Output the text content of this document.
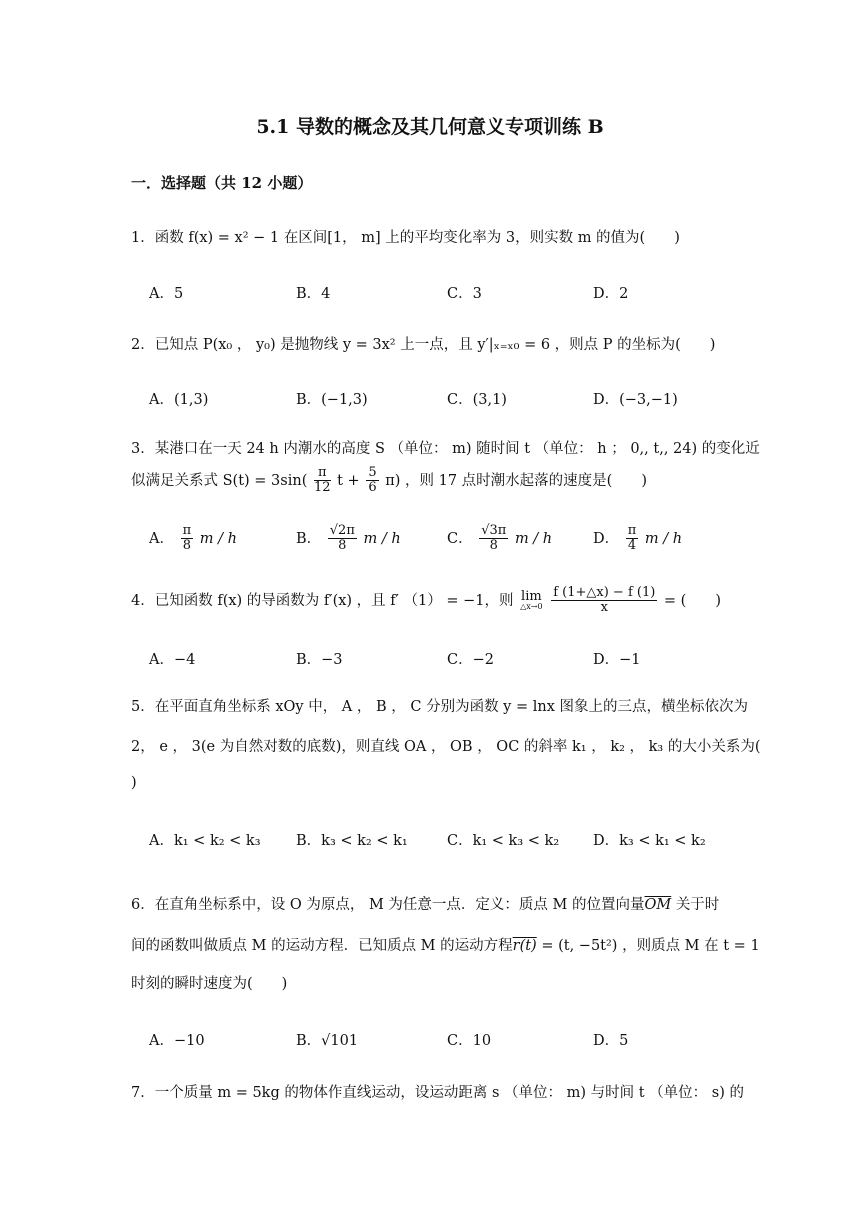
5.1 导数的概念及其几何意义专项训练 B
一．选择题（共 12 小题）
1．函数 f(x) = x² − 1 在区间[1， m] 上的平均变化率为 3，则实数 m 的值为(　　)
A．5	B．4	C．3	D．2
2．已知点 P(x₀ ， y₀) 是抛物线 y = 3x² 上一点，且 y′|ₓ₌ₓ₀ = 6 ，则点 P 的坐标为(　　)
A．(1,3)	B．(−1,3)	C．(3,1)	D．(−3,−1)
3．某港口在一天 24 h 内潮水的高度 S （单位： m) 随时间 t （单位： h ； 0,, t,, 24) 的变化近
似满足关系式 $S(t) = 3\sin( \frac{\pi}{12}$ $t + \frac{5}{6} \pi$) ，则 17 点时潮水起落的速度是(　　)
A． $\frac{\pi}{8}$ m / h	B． $\frac{√2\pi}{8}$ m / h	C． $\frac{√3\pi}{8}$ m / h	D． $\frac{\pi}{4}$ m / h
4．已知函数 f(x) 的导函数为 f′(x) ，且 f′ （1） = −1，则 lim
△x→0
$\frac{f (1+\triangle x) - f (1)}{x}$ = (　　)
A．−4	B．−3	C．−2	D．−1
5．在平面直角坐标系 xOy 中， A ， B ， C 分别为函数 y = lnx 图象上的三点，横坐标依次为
2， e ， 3(e 为自然对数的底数)，则直线 OA ， OB ， OC 的斜率 k₁ ， k₂ ， k₃ 的大小关系为(
)
A．k₁ < k₂ < k₃ B．k₃ < k₂ < k₁	C．k₁ < k₃ < k₂ D．k₃ < k₁ < k₂
6．在直角坐标系中，设 O 为原点， M 为任意一点．定义：质点 M 的位置向量$\overline{OM}$ 关于时
间的函数叫做质点 M 的运动方程．已知质点 M 的运动方程r(t) = (t, −5t²) ，则质点 M 在 t = 1
时刻的瞬时速度为(　　)
A．−10	B．√101	C．10	D．5
7．一个质量 m = 5kg 的物体作直线运动，设运动距离 s （单位： m) 与时间 t （单位： s) 的
